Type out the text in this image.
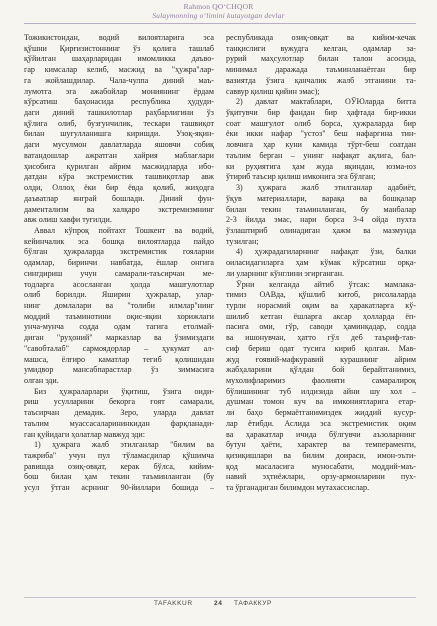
Rahmon QO‘CHQOR
Sulaymonning o‘limini kutayotgan devlar
Тожикистондан, водий вилоятларига эса
қўшни Қирғизистоннинг ўз қолига ташлаб
қўйилган шаҳарларидан имомликка даъво-
гар кимсалар келиб, масжид ва "ҳужра"лар-
га жойлашдилар. Чала-чулпа диний маъ-
лумотга эга ажабойлар мониянинг ёрдам
кўрсатиш баҳонасида республика ҳудуди-
даги диний ташкилотлар раҳбарлигини ўз
қўлига олиб, бузғунчилик, тескари ташвиқот
билан шуғулланишга киришди. Узоқ-яқин-
даги мусулмон давлатларда яшовчи собиқ
ватандошлар ажратган хайрия маблағлари
ҳисобига қурилган айрим масжидларда ибо-
датдан кўра экстремистик ташвиқотлар авж
олди, Оллоҳ ёки бир ёвда қолиб, жиҳодга
даъватлар янграй бошлади. Диний фун-
даментализм ва халқаро экстремизмнинг
авж олиш хавфи туғилди.
Аввал кўпроқ пойтахт Тошкент ва водий,
кейинчалик эса бошқа вилоятларда пайдо
бўлган ҳужраларда экстремистик гояларни
одамлар, биринчи навбатда, ёшлар онгига
сингдириш учун самарали-таъсирчан ме-
тодларга асосланган ҳолда машғулотлар
олиб борилди. Яширин ҳужралар, улар-
нинг домлалари ва "толиби илмлар"нинг
моддий таъминотини оқис-яқин хорижлаги
унча-мунча содда одам тагига етолмай-
диган "руҳоний" марказлар ва ўзимиздаги
"савобталаб" сармоядорлар – ҳукумат ал-
машса, ёлғиро каматлар тегиб қолишидан
умидвор мансабпарастлар ўз зиммасига
олган эди.
Биз ҳужраларлари ўқитиш, ўзига оиди-
риш усулларини бекорга ғоят самарали,
таъсирчан демадик. Зеро, уларда давлат
таълим муассасаларининкидан фарқланади-
ган қуйидаги ҳолатлар мавжуд эди:
1) ҳужрага жалб этилганлар "билим ва
тажриба" учун пул тўламасдилар қўшимча
равишда озиқ-овқат, керак бўлса, кийим-
бош билан ҳам текин таъминланган (бу
усул ўтган асрнинг 90-йиллари бошида –
республикада озиқ-овқат ва кийим-кечак
танқислиги вужудга келган, одамлар за-
рурий маҳсулотлар билан талон асосида,
минимал даражада таъминланаётган бир
вазиятда ўзига қанчалик жалб этганини та-
саввур қилиш қийин эмас);
2) давлат мактаблари, ОЎЮларда битта
ўқитувчи бир фандан бир ҳафтада бир-икки
соат машғулот олиб борса, ҳужраларда бир
ёки икки нафар "устоз" беш нафаргина тин-
ловчига ҳар куни камида тўрт-беш соатдан
таълим берган – унинг нафақат ақлига, бал-
ки руҳиятига ҳам жуда яқиндан, юзма-юз
ўтириб таъсир қилиш имконига эга бўлган;
3) ҳужрага жалб этилганлар адабиёт,
ўқув материаллари, варақа ва бошқалар
билан текин таъминланган, бу манбалар
2-3 йилда эмас, нари борса 3-4 ойда пухта
ўзлаштириб олинадиган ҳажм ва мазмунда
тузилган;
4) ҳужрадагиларнинг нафақат ўзи, балки
оиласидагиларга ҳам кўмак кўрсатиш орқа-
ли уларнинг кўнглини эгирганган.
Ўрни келганда айтиб ўтсак: мамлака-
тимиз ОАВда, қўшлиб китоб, рисолаларда
турли норасмий оқим ва ҳаракатларга кў-
шилиб кетган ёшларга аксар ҳолларда ёп-
пасига оми, гўр, саводи ҳаминқадар, содда
ва ишонувчан, ҳатто гўл деб таъриф-тав-
сиф бериш одат тусига кириб қолган. Мав-
жуд ғоявий-мафкуравий курашнинг айрим
жабҳаларини қўлдан бой берайтганимиз,
мухолифларимиз фаолияти самаралироқ
бўлишининг туб илдизида айни шу хол –
душман томон куч ва имкониятларига етар-
ли баҳо бермаётганимиздек жиддий кусур-
лар ётибди. Аслида эса экстремистик оқим
ва ҳаракатлар ичида бўлгувчи аъзоларнинг
бутун ҳаёти, характер ва темпераменти,
қизиқишлари ва билим доираси, имон-эъти-
қод масаласига муносабати, моддий-маъ-
навий эҳтиёжлари, орзу-армонларини пух-
та ўрганадиган билимдон мутахассислар.
TAFAKKUR	24 ТАФАККУР
